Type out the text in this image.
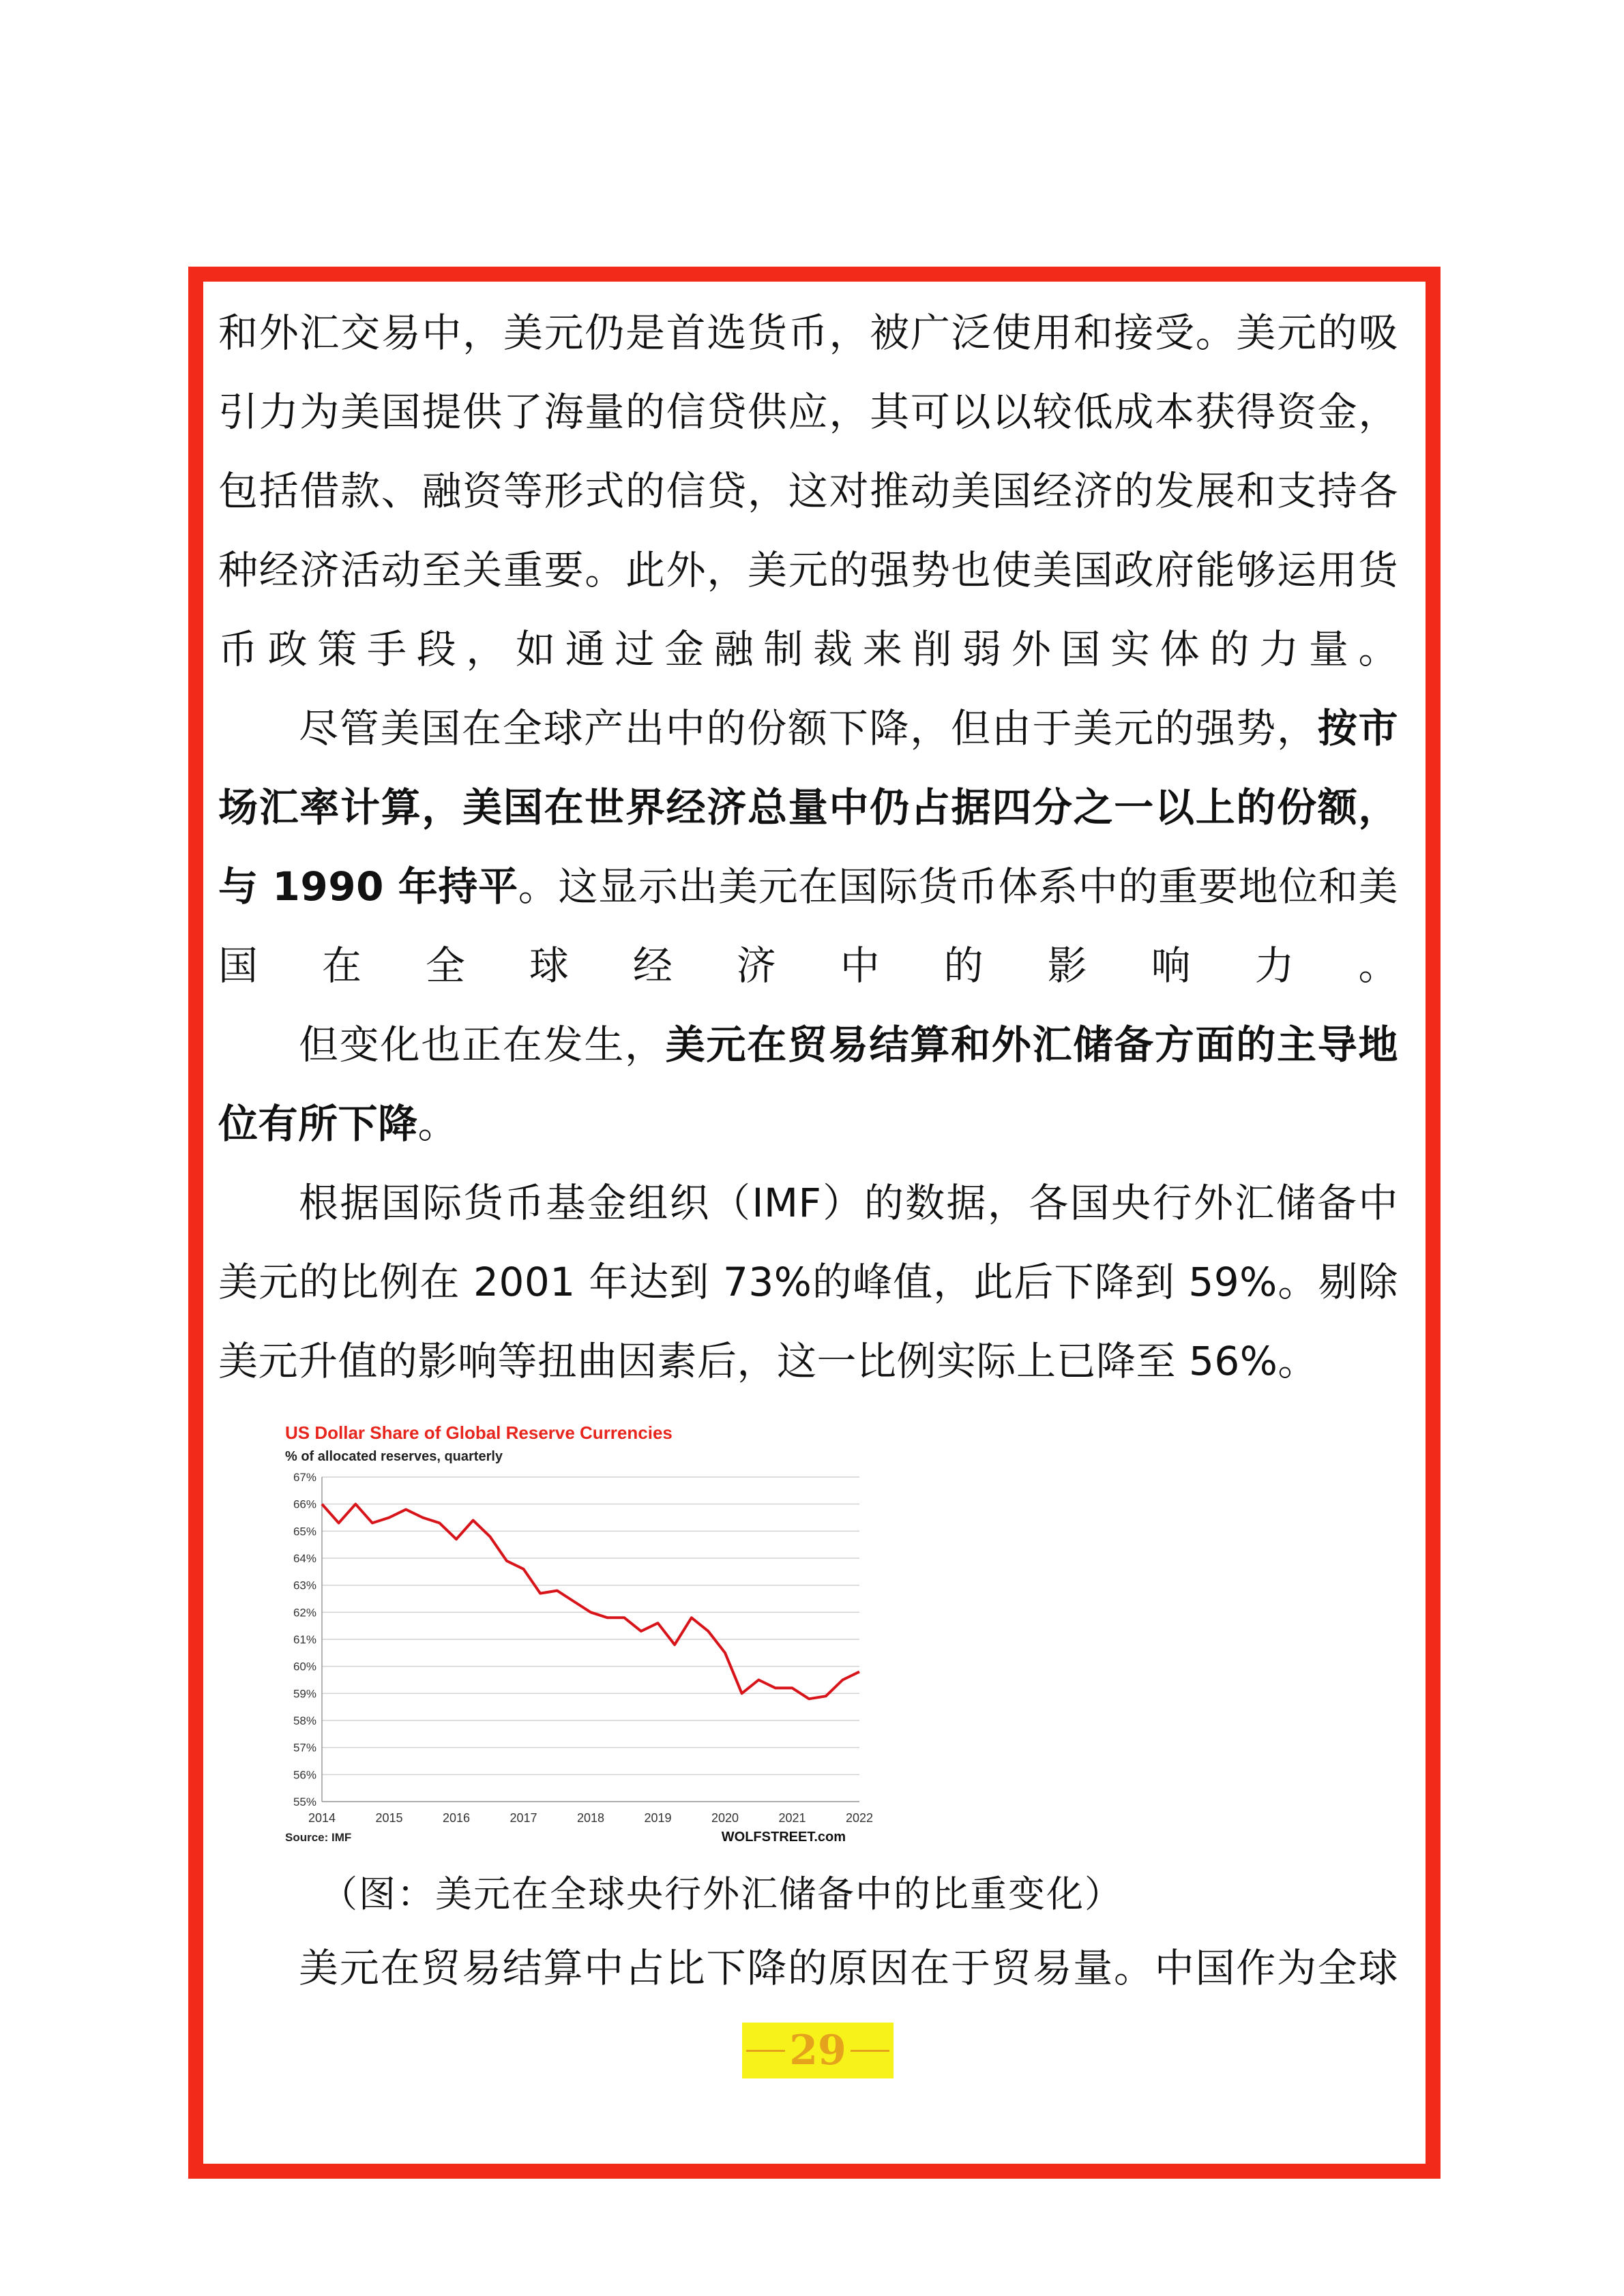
和外汇交易中，美元仍是首选货币，被广泛使用和接受。美元的吸引力为美国提供了海量的信贷供应，其可以以较低成本获得资金，包括借款、融资等形式的信贷，这对推动美国经济的发展和支持各种经济活动至关重要。此外，美元的强势也使美国政府能够运用货币政策手段，如通过金融制裁来削弱外国实体的力量。

尽管美国在全球产出中的份额下降，但由于美元的强势，按市场汇率计算，美国在世界经济总量中仍占据四分之一以上的份额，与 1990 年持平。这显示出美元在国际货币体系中的重要地位和美国在全球经济中的影响力。

但变化也正在发生，美元在贸易结算和外汇储备方面的主导地位有所下降。

根据国际货币基金组织（IMF）的数据，各国央行外汇储备中美元的比例在 2001 年达到 73%的峰值，此后下降到 59%。剔除美元升值的影响等扭曲因素后，这一比例实际上已降至 56%。

US Dollar Share of Global Reserve Currencies
% of allocated reserves, quarterly
55%
56%
57%
58%
59%
60%
61%
62%
63%
64%
65%
66%
67%
2014	2015	2016	2017	2018	2019	2020	2021	2022
Source: IMF	WOLFSTREET.com

（图：美元在全球央行外汇储备中的比重变化）

美元在贸易结算中占比下降的原因在于贸易量。中国作为全球

29
